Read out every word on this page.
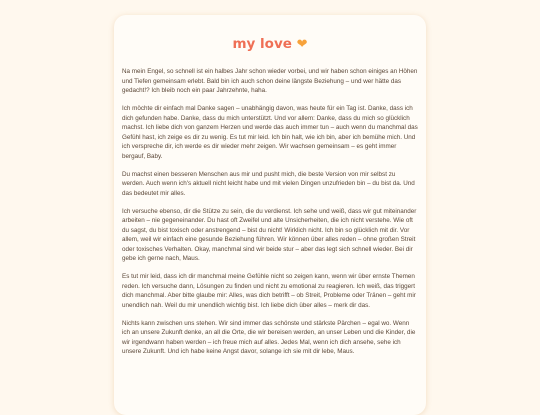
my love ❤

Na mein Engel, so schnell ist ein halbes Jahr schon wieder vorbei, und wir haben schon einiges an Höhen und Tiefen gemeinsam erlebt. Bald bin ich auch schon deine längste Beziehung – und wer hätte das gedacht!? Ich bleib noch ein paar Jahrzehnte, haha.

Ich möchte dir einfach mal Danke sagen – unabhängig davon, was heute für ein Tag ist. Danke, dass ich dich gefunden habe. Danke, dass du mich unterstützt. Und vor allem: Danke, dass du mich so glücklich machst. Ich liebe dich von ganzem Herzen und werde das auch immer tun – auch wenn du manchmal das Gefühl hast, ich zeige es dir zu wenig. Es tut mir leid. Ich bin halt, wie ich bin, aber ich bemühe mich. Und ich verspreche dir, ich werde es dir wieder mehr zeigen. Wir wachsen gemeinsam – es geht immer bergauf, Baby.

Du machst einen besseren Menschen aus mir und pusht mich, die beste Version von mir selbst zu werden. Auch wenn ich's aktuell nicht leicht habe und mit vielen Dingen unzufrieden bin – du bist da. Und das bedeutet mir alles.

Ich versuche ebenso, dir die Stütze zu sein, die du verdienst. Ich sehe und weiß, dass wir gut miteinander arbeiten – nie gegeneinander. Du hast oft Zweifel und alte Unsicherheiten, die ich nicht verstehe. Wie oft du sagst, du bist toxisch oder anstrengend – bist du nicht! Wirklich nicht. Ich bin so glücklich mit dir. Vor allem, weil wir einfach eine gesunde Beziehung führen. Wir können über alles reden – ohne großen Streit oder toxisches Verhalten. Okay, manchmal sind wir beide stur – aber das legt sich schnell wieder. Bei dir gebe ich gerne nach, Maus.

Es tut mir leid, dass ich dir manchmal meine Gefühle nicht so zeigen kann, wenn wir über ernste Themen reden. Ich versuche dann, Lösungen zu finden und nicht zu emotional zu reagieren. Ich weiß, das triggert dich manchmal. Aber bitte glaube mir: Alles, was dich betrifft – ob Streit, Probleme oder Tränen – geht mir unendlich nah. Weil du mir unendlich wichtig bist. Ich liebe dich über alles – merk dir das.

Nichts kann zwischen uns stehen. Wir sind immer das schönste und stärkste Pärchen – egal wo. Wenn ich an unsere Zukunft denke, an all die Orte, die wir bereisen werden, an unser Leben und die Kinder, die wir irgendwann haben werden – ich freue mich auf alles. Jedes Mal, wenn ich dich ansehe, sehe ich unsere Zukunft. Und ich habe keine Angst davor, solange ich sie mit dir lebe, Maus.
